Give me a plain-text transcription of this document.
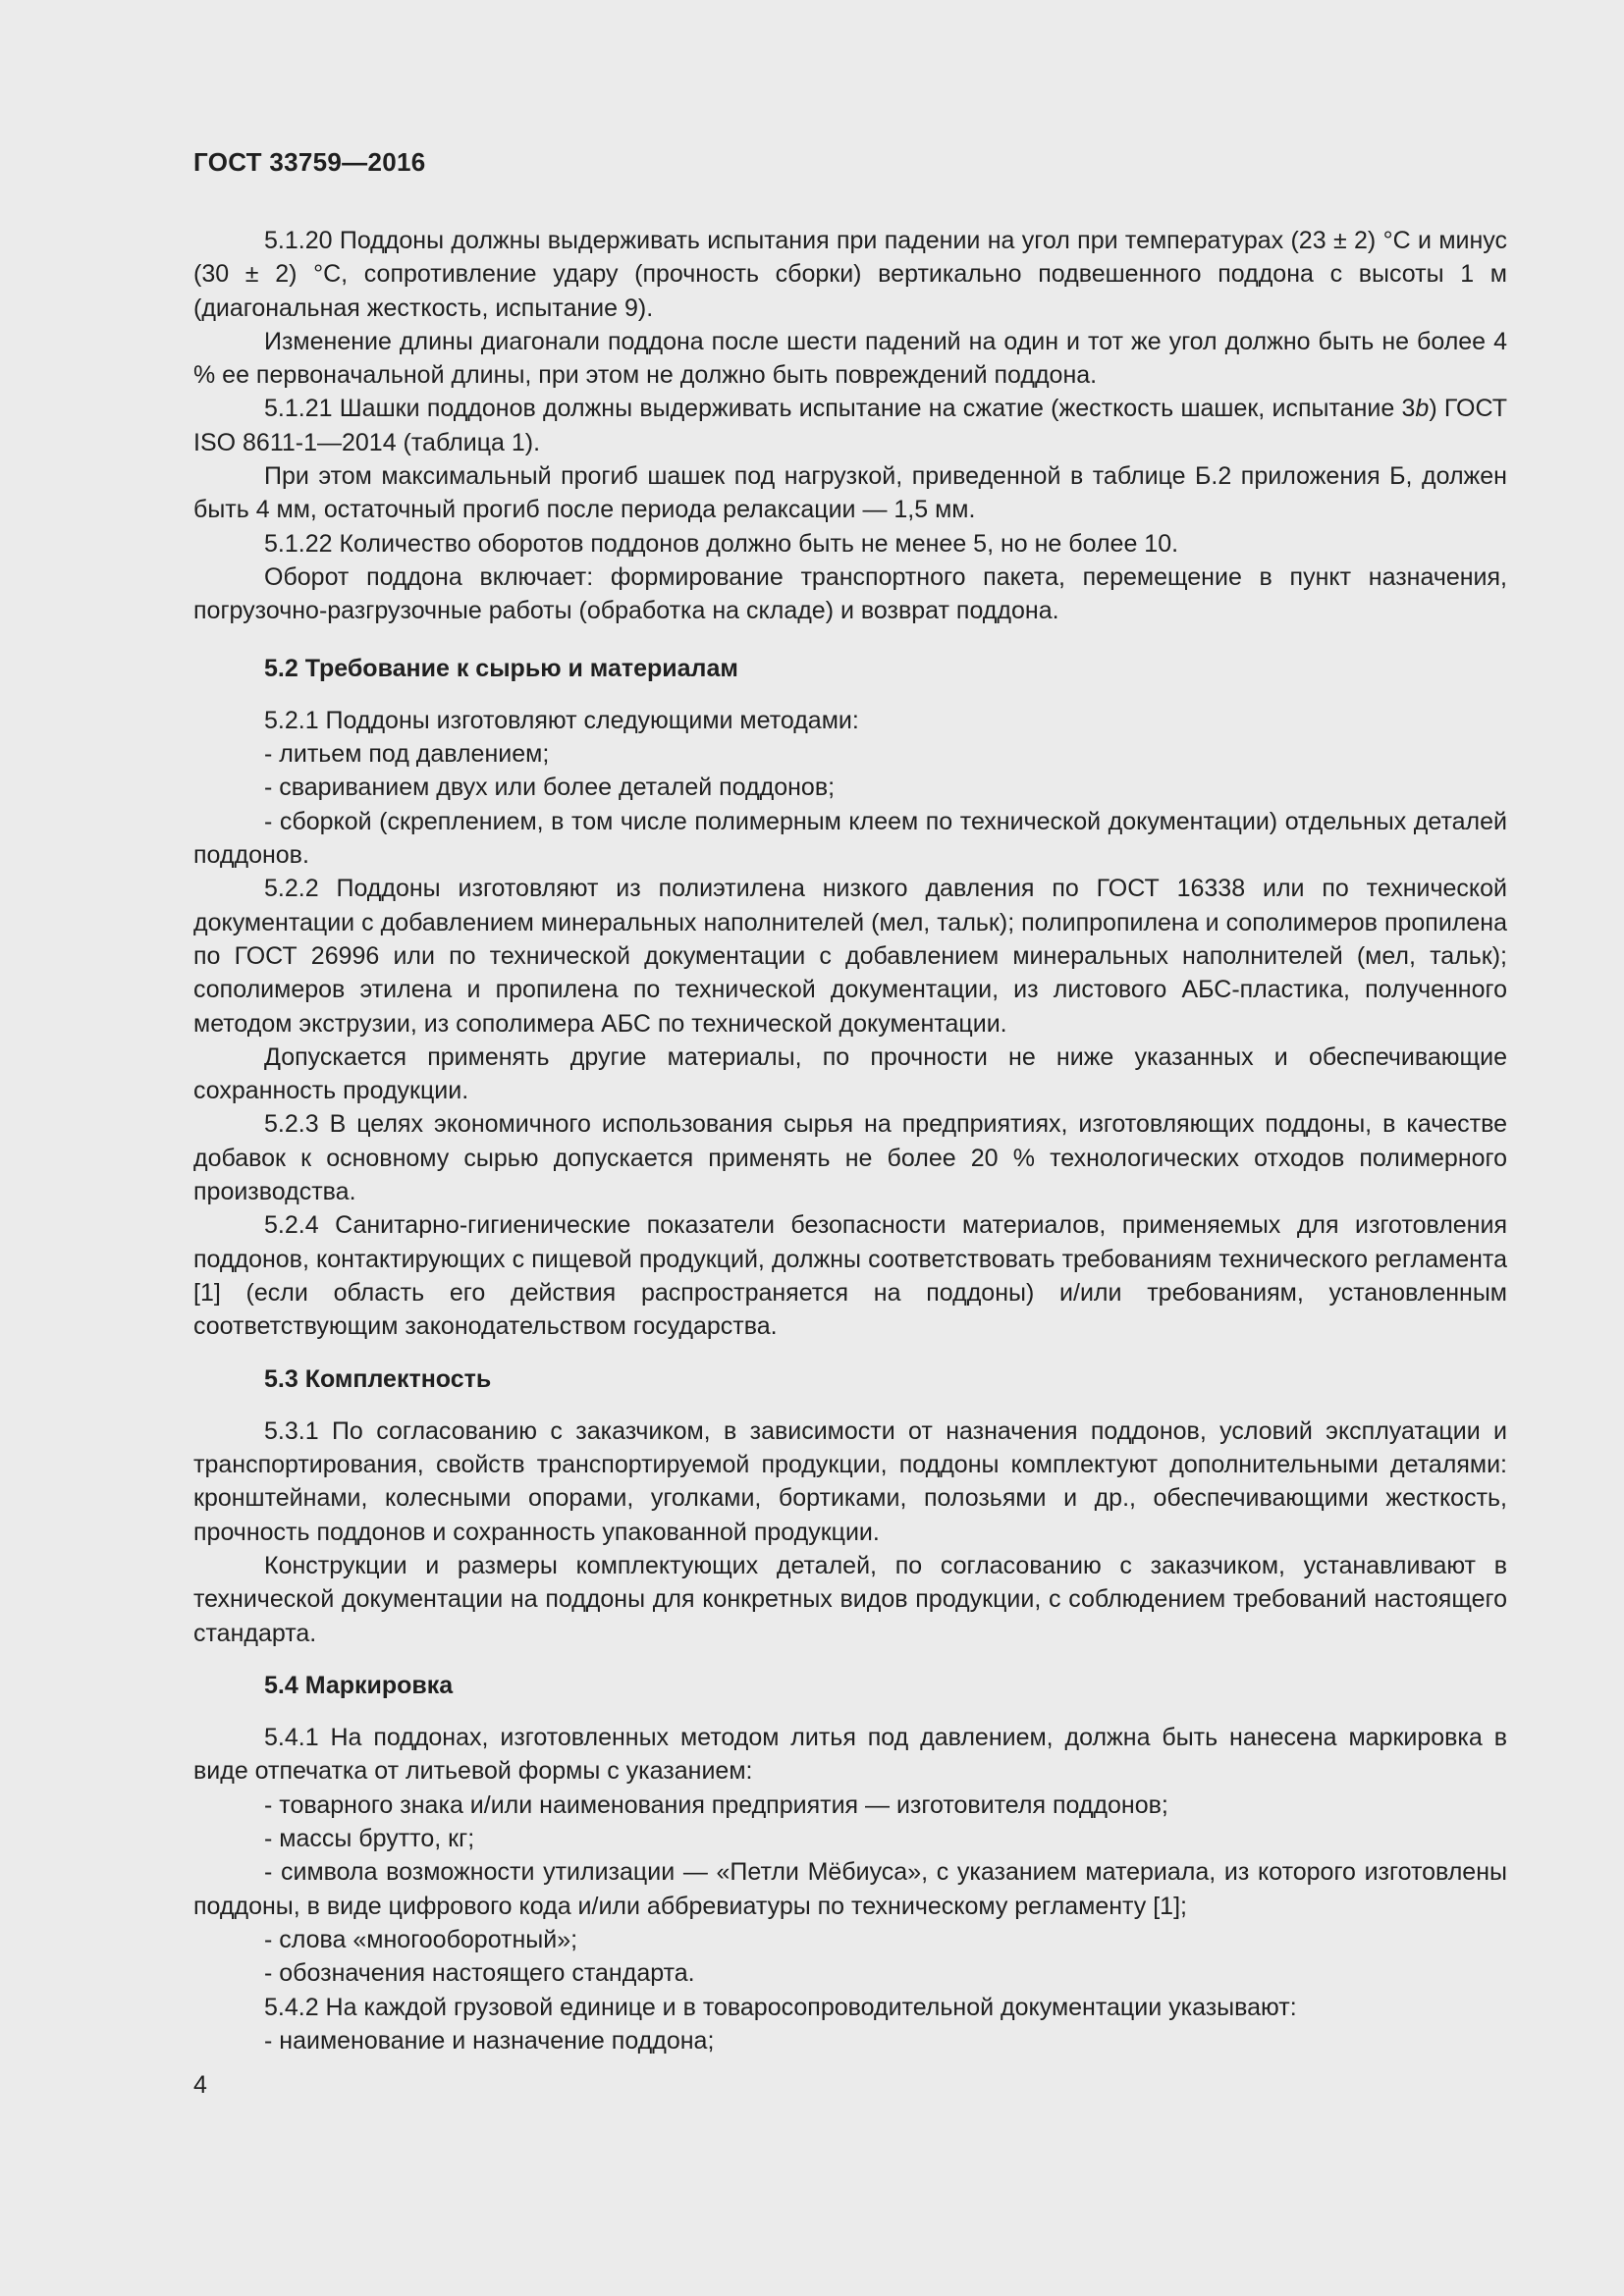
ГОСТ 33759—2016

5.1.20 Поддоны должны выдерживать испытания при падении на угол при температурах (23 ± 2) °C и минус (30 ± 2) °C, сопротивление удару (прочность сборки) вертикально подвешенного поддона с высоты 1 м (диагональная жесткость, испытание 9).

Изменение длины диагонали поддона после шести падений на один и тот же угол должно быть не более 4 % ее первоначальной длины, при этом не должно быть повреждений поддона.

5.1.21 Шашки поддонов должны выдерживать испытание на сжатие (жесткость шашек, испытание 3b) ГОСТ ISO 8611-1—2014 (таблица 1).

При этом максимальный прогиб шашек под нагрузкой, приведенной в таблице Б.2 приложения Б, должен быть 4 мм, остаточный прогиб после периода релаксации — 1,5 мм.

5.1.22 Количество оборотов поддонов должно быть не менее 5, но не более 10.

Оборот поддона включает: формирование транспортного пакета, перемещение в пункт назначения, погрузочно-разгрузочные работы (обработка на складе) и возврат поддона.

5.2 Требование к сырью и материалам

5.2.1 Поддоны изготовляют следующими методами:

- литьем под давлением;

- свариванием двух или более деталей поддонов;

- сборкой (скреплением, в том числе полимерным клеем по технической документации) отдельных деталей поддонов.

5.2.2 Поддоны изготовляют из полиэтилена низкого давления по ГОСТ 16338 или по технической документации с добавлением минеральных наполнителей (мел, тальк); полипропилена и сополимеров пропилена по ГОСТ 26996 или по технической документации с добавлением минеральных наполнителей (мел, тальк); сополимеров этилена и пропилена по технической документации, из листового АБС-пластика, полученного методом экструзии, из сополимера АБС по технической документации.

Допускается применять другие материалы, по прочности не ниже указанных и обеспечивающие сохранность продукции.

5.2.3 В целях экономичного использования сырья на предприятиях, изготовляющих поддоны, в качестве добавок к основному сырью допускается применять не более 20 % технологических отходов полимерного производства.

5.2.4 Санитарно-гигиенические показатели безопасности материалов, применяемых для изготовления поддонов, контактирующих с пищевой продукций, должны соответствовать требованиям технического регламента [1] (если область его действия распространяется на поддоны) и/или требованиям, установленным соответствующим законодательством государства.

5.3 Комплектность

5.3.1 По согласованию с заказчиком, в зависимости от назначения поддонов, условий эксплуатации и транспортирования, свойств транспортируемой продукции, поддоны комплектуют дополнительными деталями: кронштейнами, колесными опорами, уголками, бортиками, полозьями и др., обеспечивающими жесткость, прочность поддонов и сохранность упакованной продукции.

Конструкции и размеры комплектующих деталей, по согласованию с заказчиком, устанавливают в технической документации на поддоны для конкретных видов продукции, с соблюдением требований настоящего стандарта.

5.4 Маркировка

5.4.1 На поддонах, изготовленных методом литья под давлением, должна быть нанесена маркировка в виде отпечатка от литьевой формы с указанием:

- товарного знака и/или наименования предприятия — изготовителя поддонов;

- массы брутто, кг;

- символа возможности утилизации — «Петли Мёбиуса», с указанием материала, из которого изготовлены поддоны, в виде цифрового кода и/или аббревиатуры по техническому регламенту [1];

- слова «многооборотный»;

- обозначения настоящего стандарта.

5.4.2 На каждой грузовой единице и в товаросопроводительной документации указывают:

- наименование и назначение поддона;

4
